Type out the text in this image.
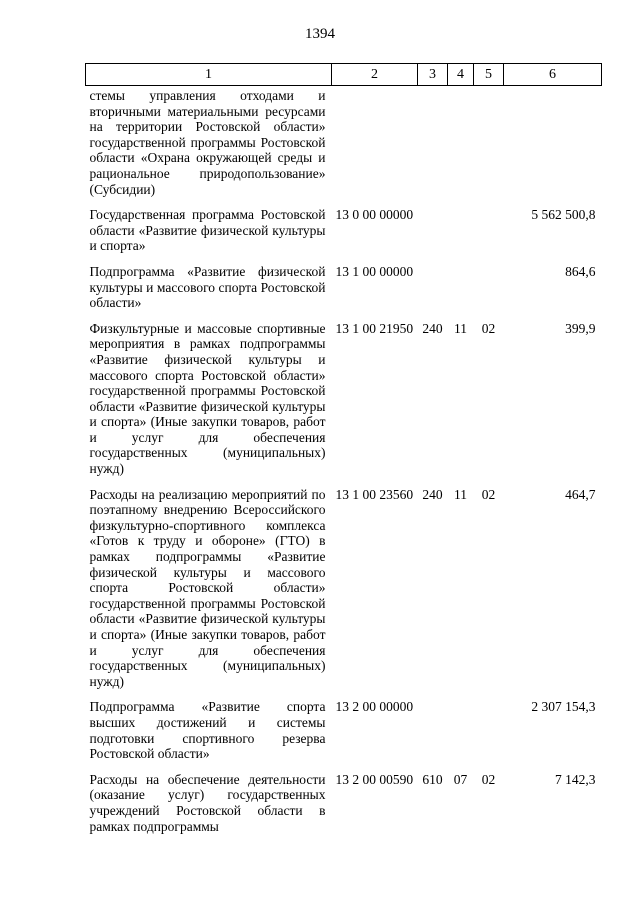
1394
1	2	3	4	5	6
стемы управления отходами и вторичными материальными ресурсами на территории Ростовской области» государственной программы Ростовской области «Охрана окружающей среды и рациональное природопользование» (Субсидии)					
Государственная программа Ростовской области «Развитие физической культуры и спорта»	13 0 00 00000				5 562 500,8
Подпрограмма «Развитие физической культуры и массового спорта Ростовской области»	13 1 00 00000				864,6
Физкультурные и массовые спортивные мероприятия в рамках подпрограммы «Развитие физической культуры и массового спорта Ростовской области» государственной программы Ростовской области «Развитие физической культуры и спорта» (Иные закупки товаров, работ и услуг для обеспечения государственных (муниципальных) нужд)	13 1 00 21950	240	11	02	399,9
Расходы на реализацию мероприятий по поэтапному внедрению Всероссийского физкультурно-спортивного комплекса «Готов к труду и обороне» (ГТО) в рамках подпрограммы «Развитие физической культуры и массового спорта Ростовской области» государственной программы Ростовской области «Развитие физической культуры и спорта» (Иные закупки товаров, работ и услуг для обеспечения государственных (муниципальных) нужд)	13 1 00 23560	240	11	02	464,7
Подпрограмма «Развитие спорта высших достижений и системы подготовки спортивного резерва Ростовской области»	13 2 00 00000				2 307 154,3
Расходы на обеспечение деятельности (оказание услуг) государственных учреждений Ростовской области в рамках подпрограммы	13 2 00 00590	610	07	02	7 142,3
